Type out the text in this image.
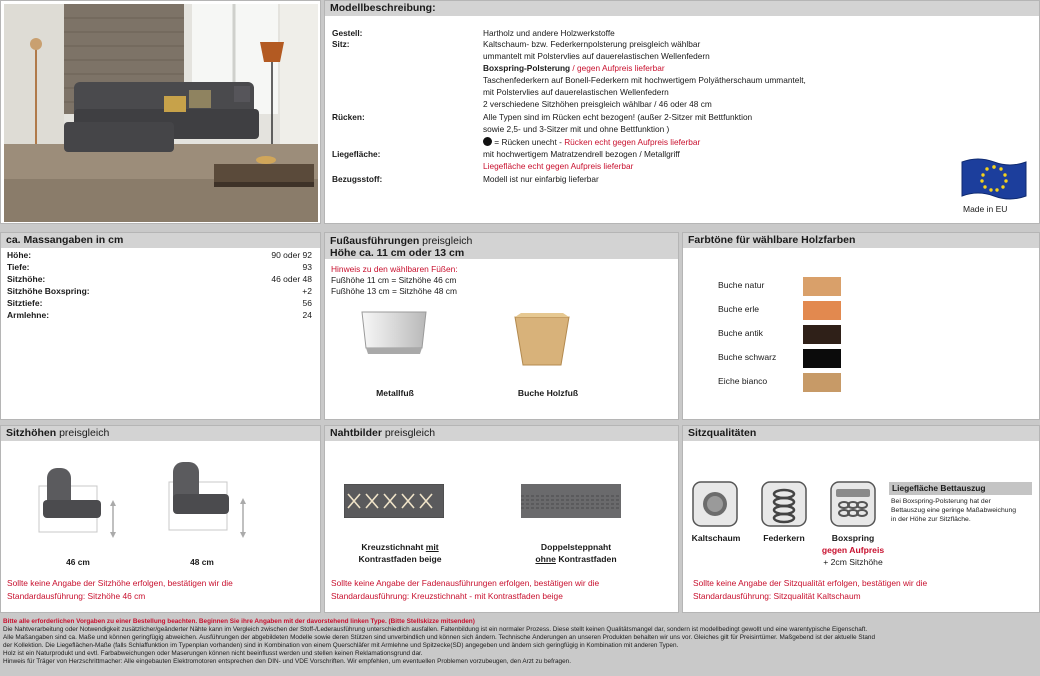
Modellbeschreibung:
Gestell:	Hartholz und andere Holzwerkstoffe
Sitz:	Kaltschaum- bzw. Federkernpolsterung preisgleich wählbar
ummantelt mit Polstervlies auf dauerelastischen Wellenfedern
Boxspring-Polsterung / gegen Aufpreis lieferbar
Taschenfederkern auf Bonell-Federkern mit hochwertigem Polyätherschaum ummantelt,
mit Polstervlies auf dauerelastischen Wellenfedern
2 verschiedene Sitzhöhen preisgleich wählbar / 46 oder 48 cm
Rücken:	Alle Typen sind im Rücken echt bezogen! (außer 2-Sitzer mit Bettfunktion
sowie 2,5- und 3-Sitzer mit und ohne Bettfunktion )
= Rücken unecht - Rücken echt gegen Aufpreis lieferbar
Liegefläche:	mit hochwertigem Matratzendrell bezogen / Metallgriff
Liegefläche echt gegen Aufpreis lieferbar
Bezugsstoff:	Modell ist nur einfarbig lieferbar
Made in EU
ca. Massangaben in cm
Höhe:	90 oder 92
Tiefe:	93
Sitzhöhe:	46 oder 48
Sitzhöhe Boxspring:	+2
Sitztiefe:	56
Armlehne:	24
Fußausführungen preisgleich
Höhe ca. 11 cm oder 13 cm
Hinweis zu den wählbaren Füßen:
Fußhöhe 11 cm = Sitzhöhe 46 cm
Fußhöhe 13 cm = Sitzhöhe 48 cm
Metallfuß	Buche Holzfuß
Farbtöne für wählbare Holzfarben
Buche natur
Buche erle
Buche antik
Buche schwarz
Eiche bianco
Sitzhöhen preisgleich
46 cm	48 cm
Sollte keine Angabe der Sitzhöhe erfolgen, bestätigen wir die
Standardausführung: Sitzhöhe 46 cm
Nahtbilder preisgleich
Kreuzstichnaht mit
Kontrastfaden beige
Doppelsteppnaht
ohne Kontrastfaden
Sollte keine Angabe der Fadenausführungen erfolgen, bestätigen wir die
Standardausführung: Kreuzstichnaht - mit Kontrastfaden beige
Sitzqualitäten
Kaltschaum	Federkern	Boxspring
gegen Aufpreis
+ 2cm Sitzhöhe
Liegefläche Bettauszug
Bei Boxspring-Polsterung hat der
Bettauszug eine geringe Maßabweichung
in der Höhe zur Sitzfläche.
Sollte keine Angabe der Sitzqualität erfolgen, bestätigen wir die
Standardausführung: Sitzqualität Kaltschaum
Bitte alle erforderlichen Vorgaben zu einer Bestellung beachten. Beginnen Sie ihre Angaben mit der davorstehend linken Type. (Bitte Stellskizze mitsenden)
Die Nahtverarbeitung oder Notwendigkeit zusätzlicher/geänderter Nähte kann im Vergleich zwischen der Stoff-/Lederausführung unterschiedlich ausfallen. Faltenbildung ist ein normaler Prozess. Diese stellt keinen Qualitätsmangel dar, sondern ist modellbedingt gewollt und eine warentypische Eigenschaft.
Alle Maßangaben sind ca. Maße und können geringfügig abweichen. Ausführungen der abgebildeten Modelle sowie deren Stützen sind unverbindlich und können sich ändern. Technische Änderungen an unseren Produkten behalten wir uns vor. Gleiches gilt für Preisirrtümer. Maßgebend ist der aktuelle Stand
der Kollektion. Die Liegeflächen-Maße (falls Schlaffunktion im Typenplan vorhanden) sind in Kombination von einem Querschläfer mit Armlehne und Spitzecke(SD) angegeben und ändern sich geringfügig in Kombination mit anderen Typen.
Holz ist ein Naturprodukt und evtl. Farbabweichungen oder Maserungen können nicht beeinflusst werden und stellen keinen Reklamationsgrund dar.
Hinweis für Träger von Herzschrittmacher: Alle eingebauten Elektromotoren entsprechen den DIN- und VDE Vorschriften. Wir empfehlen, um eventuellen Problemen vorzubeugen, den Arzt zu befragen.
